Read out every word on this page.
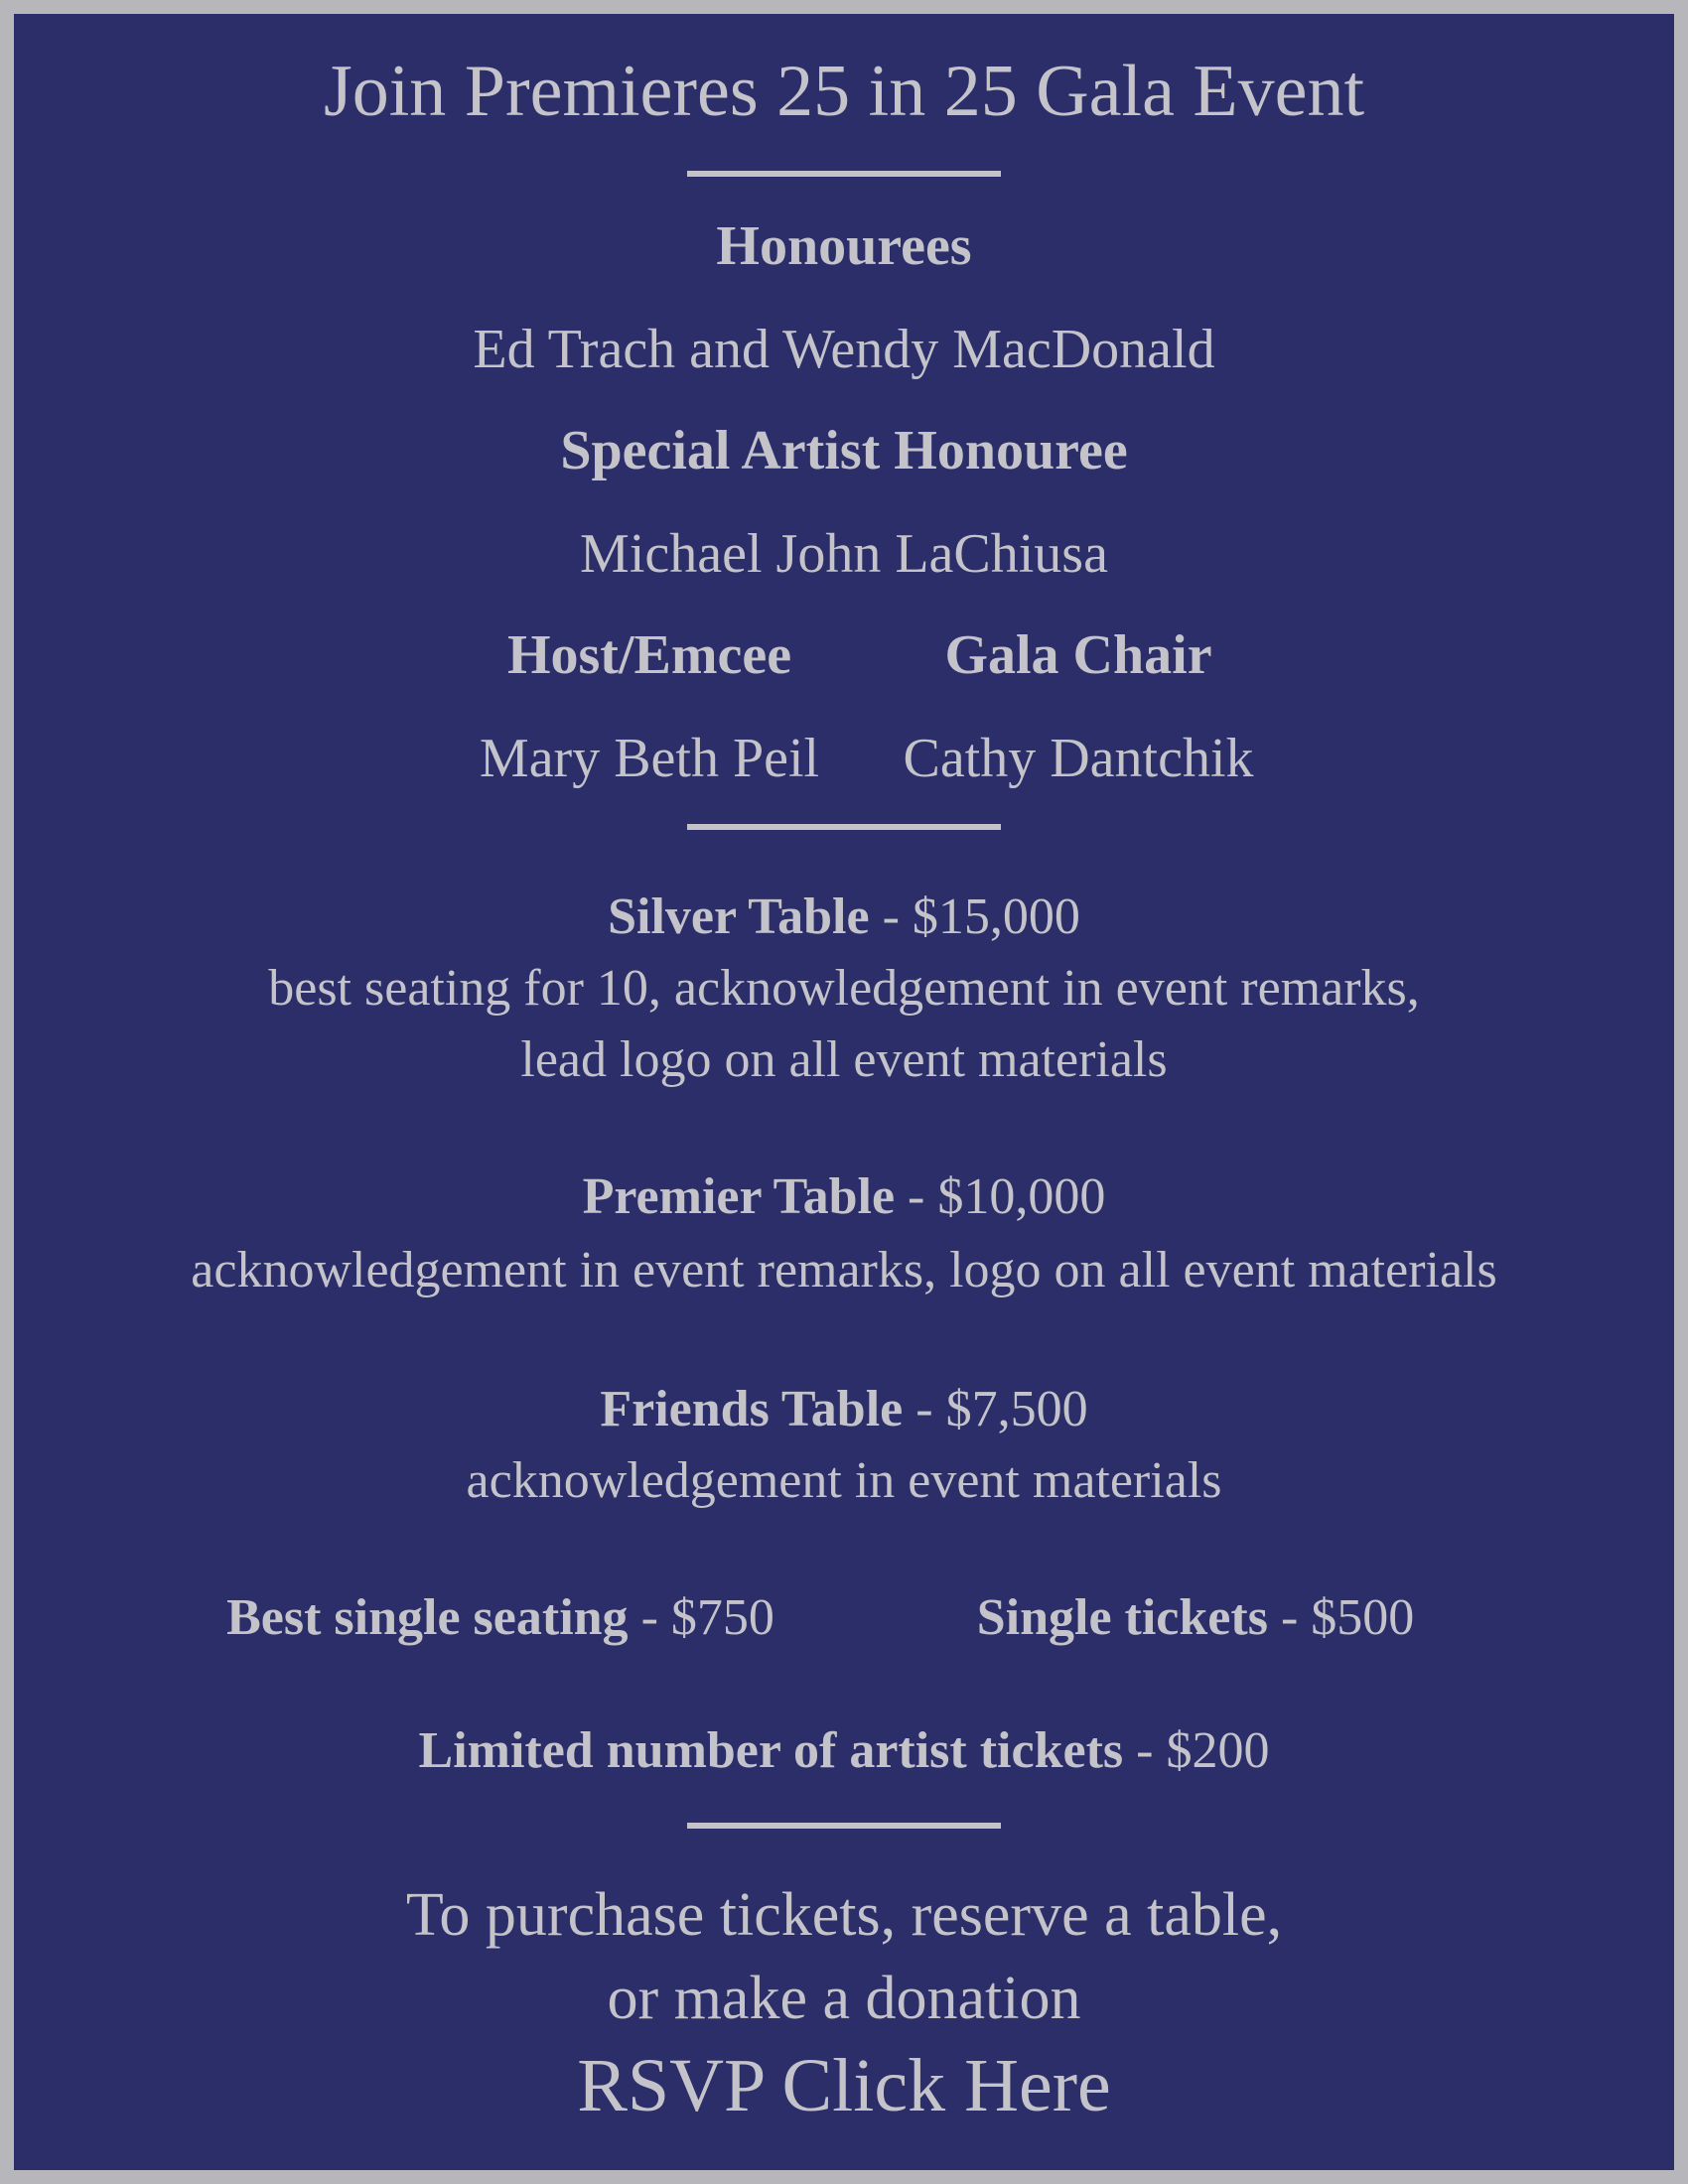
Join Premieres 25 in 25 Gala Event
Honourees
Ed Trach and Wendy MacDonald
Special Artist Honouree
Michael John LaChiusa
Host/Emcee	Gala Chair
Mary Beth Peil	Cathy Dantchik
Silver Table - $15,000
best seating for 10, acknowledgement in event remarks,
lead logo on all event materials
Premier Table - $10,000
acknowledgement in event remarks, logo on all event materials
Friends Table - $7,500
acknowledgement in event materials
Best single seating - $750	Single tickets - $500
Limited number of artist tickets - $200
To purchase tickets, reserve a table,
or make a donation
RSVP Click Here
